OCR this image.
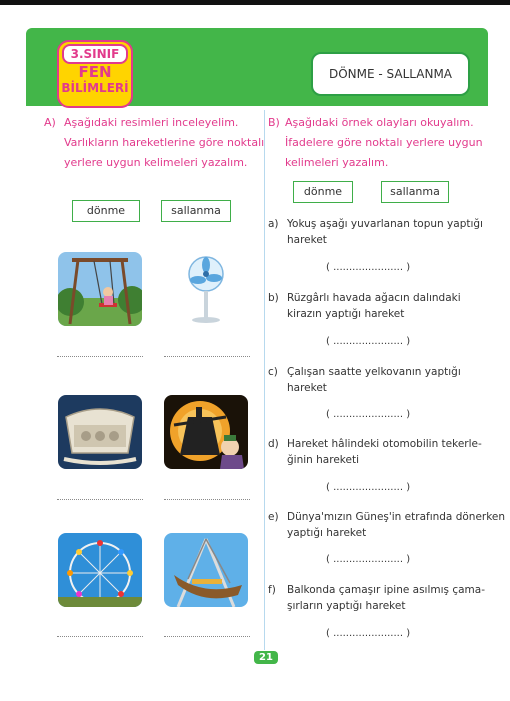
3.SINIF
FEN
BİLİMLERİ
DÖNME - SALLANMA
A) Aşağıdaki resimleri inceleyelim.
Varlıkların hareketlerine göre noktalı
yerlere uygun kelimeleri yazalım.
dönme	sallanma
B) Aşağıdaki örnek olayları okuyalım.
İfadelere göre noktalı yerlere uygun
kelimeleri yazalım.
dönme	sallanma
a) Yokuş aşağı yuvarlanan topun yaptığı
hareket
( ...................... )
b) Rüzgârlı havada ağacın dalındaki
kirazın yaptığı hareket
( ...................... )
c) Çalışan saatte yelkovanın yaptığı
hareket
( ...................... )
d) Hareket hâlindeki otomobilin tekerle-
ğinin hareketi
( ...................... )
e) Dünya'mızın Güneş'in etrafında dönerken
yaptığı hareket
( ...................... )
f) Balkonda çamaşır ipine asılmış çama-
şırların yaptığı hareket
( ...................... )
21
